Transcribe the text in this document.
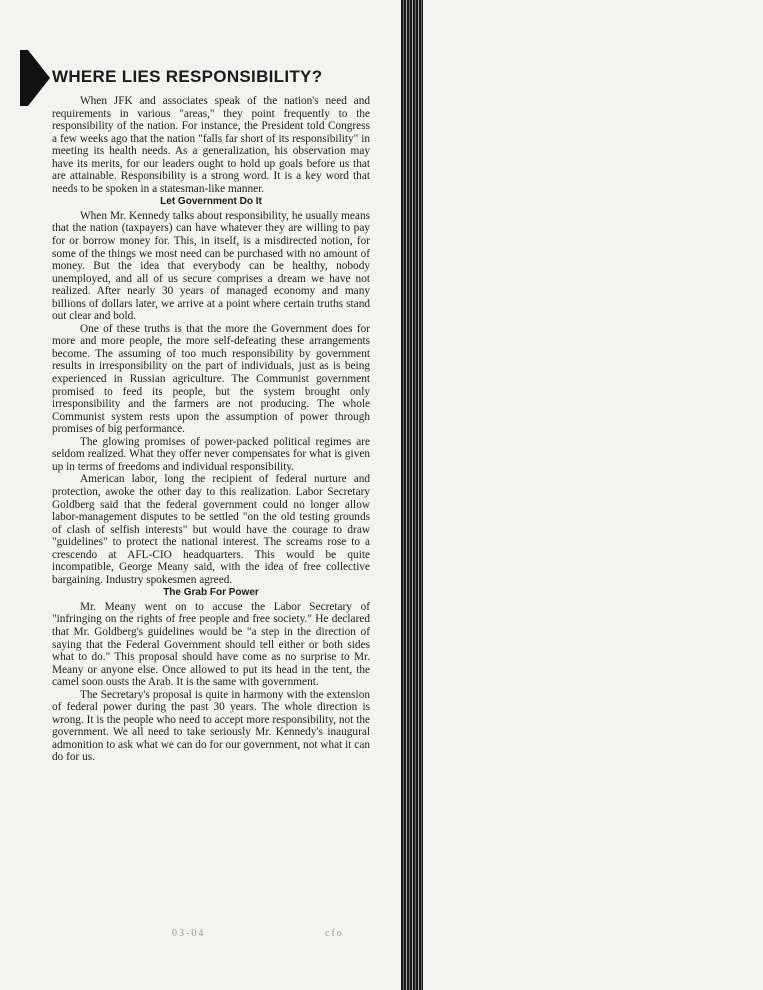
WHERE LIES RESPONSIBILITY?

When JFK and associates speak of the nation's need and requirements in various "areas," they point frequently to the responsibility of the nation. For instance, the President told Congress a few weeks ago that the nation "falls far short of its responsibility" in meeting its health needs. As a generalization, his observation may have its merits, for our leaders ought to hold up goals before us that are attainable. Responsibility is a strong word. It is a key word that needs to be spoken in a statesman-like manner.

Let Government Do It

When Mr. Kennedy talks about responsibility, he usually means that the nation (taxpayers) can have whatever they are willing to pay for or borrow money for. This, in itself, is a misdirected notion, for some of the things we most need can be purchased with no amount of money. But the idea that everybody can be healthy, nobody unemployed, and all of us secure comprises a dream we have not realized. After nearly 30 years of managed economy and many billions of dollars later, we arrive at a point where certain truths stand out clear and bold.

One of these truths is that the more the Government does for more and more people, the more self-defeating these arrangements become. The assuming of too much responsibility by government results in irresponsibility on the part of individuals, just as is being experienced in Russian agriculture. The Communist government promised to feed its people, but the system brought only irresponsibility and the farmers are not producing. The whole Communist system rests upon the assumption of power through promises of big performance.

The glowing promises of power-packed political regimes are seldom realized. What they offer never compensates for what is given up in terms of freedoms and individual responsibility.

American labor, long the recipient of federal nurture and protection, awoke the other day to this realization. Labor Secretary Goldberg said that the federal government could no longer allow labor-management disputes to be settled "on the old testing grounds of clash of selfish interests" but would have the courage to draw "guidelines" to protect the national interest. The screams rose to a crescendo at AFL-CIO headquarters. This would be quite incompatible, George Meany said, with the idea of free collective bargaining. Industry spokesmen agreed.

The Grab For Power

Mr. Meany went on to accuse the Labor Secretary of "infringing on the rights of free people and free society." He declared that Mr. Goldberg's guidelines would be "a step in the direction of saying that the Federal Government should tell either or both sides what to do." This proposal should have come as no surprise to Mr. Meany or anyone else. Once allowed to put its head in the tent, the camel soon ousts the Arab. It is the same with government.

The Secretary's proposal is quite in harmony with the extension of federal power during the past 30 years. The whole direction is wrong. It is the people who need to accept more responsibility, not the government. We all need to take seriously Mr. Kennedy's inaugural admonition to ask what we can do for our government, not what it can do for us.

03-04	cfo
